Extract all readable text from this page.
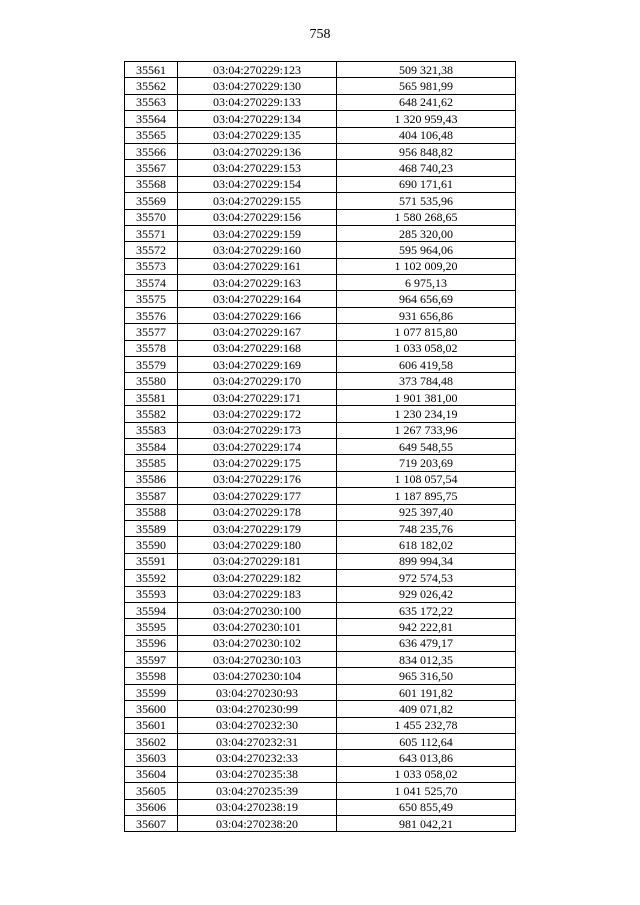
758
35561	03:04:270229:123	509 321,38
35562	03:04:270229:130	565 981,99
35563	03:04:270229:133	648 241,62
35564	03:04:270229:134	1 320 959,43
35565	03:04:270229:135	404 106,48
35566	03:04:270229:136	956 848,82
35567	03:04:270229:153	468 740,23
35568	03:04:270229:154	690 171,61
35569	03:04:270229:155	571 535,96
35570	03:04:270229:156	1 580 268,65
35571	03:04:270229:159	285 320,00
35572	03:04:270229:160	595 964,06
35573	03:04:270229:161	1 102 009,20
35574	03:04:270229:163	6 975,13
35575	03:04:270229:164	964 656,69
35576	03:04:270229:166	931 656,86
35577	03:04:270229:167	1 077 815,80
35578	03:04:270229:168	1 033 058,02
35579	03:04:270229:169	606 419,58
35580	03:04:270229:170	373 784,48
35581	03:04:270229:171	1 901 381,00
35582	03:04:270229:172	1 230 234,19
35583	03:04:270229:173	1 267 733,96
35584	03:04:270229:174	649 548,55
35585	03:04:270229:175	719 203,69
35586	03:04:270229:176	1 108 057,54
35587	03:04:270229:177	1 187 895,75
35588	03:04:270229:178	925 397,40
35589	03:04:270229:179	748 235,76
35590	03:04:270229:180	618 182,02
35591	03:04:270229:181	899 994,34
35592	03:04:270229:182	972 574,53
35593	03:04:270229:183	929 026,42
35594	03:04:270230:100	635 172,22
35595	03:04:270230:101	942 222,81
35596	03:04:270230:102	636 479,17
35597	03:04:270230:103	834 012,35
35598	03:04:270230:104	965 316,50
35599	03:04:270230:93	601 191,82
35600	03:04:270230:99	409 071,82
35601	03:04:270232:30	1 455 232,78
35602	03:04:270232:31	605 112,64
35603	03:04:270232:33	643 013,86
35604	03:04:270235:38	1 033 058,02
35605	03:04:270235:39	1 041 525,70
35606	03:04:270238:19	650 855,49
35607	03:04:270238:20	981 042,21
